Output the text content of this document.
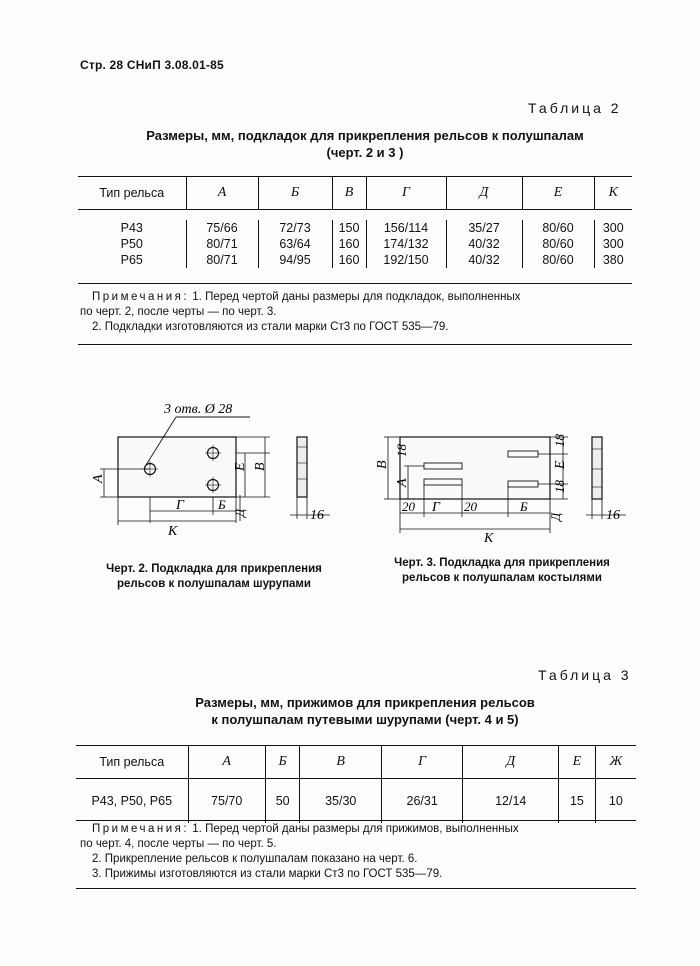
Стр. 28 СНиП 3.08.01-85
Таблица 2
Размеры, мм, подкладок для прикрепления рельсов к полушпалам
(черт. 2 и 3 )
Тип рельса	А	Б	В	Г	Д	Е	К

Р43	75/66	72/73	150	156/114	35/27	80/60	300
Р50	80/71	63/64	160	174/132	40/32	80/60	300
Р65	80/71	94/95	160	192/150	40/32	80/60	380
Примечания: 1. Перед чертой даны размеры для подкладок, выполненных
по черт. 2, после черты — по черт. 3.
2. Подкладки изготовляются из стали марки Ст3 по ГОСТ 535—79.
3 отв. Ø 28
А
Е В
Г	Б
Д
К
16
Черт. 2. Подкладка для прикрепления
рельсов к полушпалам шурупами
В
А
18
18
Е
18
20 Г 20	Б
Д
К
16
Черт. 3. Подкладка для прикрепления
рельсов к полушпалам костылями
Таблица 3
Размеры, мм, прижимов для прикрепления рельсов
к полушпалам путевыми шурупами (черт. 4 и 5)
Тип рельса	А	Б	В	Г	Д	Е	Ж
Р43, Р50, Р65	75/70	50	35/30	26/31	12/14	15	10
Примечания: 1. Перед чертой даны размеры для прижимов, выполненных
по черт. 4, после черты — по черт. 5.
2. Прикрепление рельсов к полушпалам показано на черт. 6.
3. Прижимы изготовляются из стали марки Ст3 по ГОСТ 535—79.
